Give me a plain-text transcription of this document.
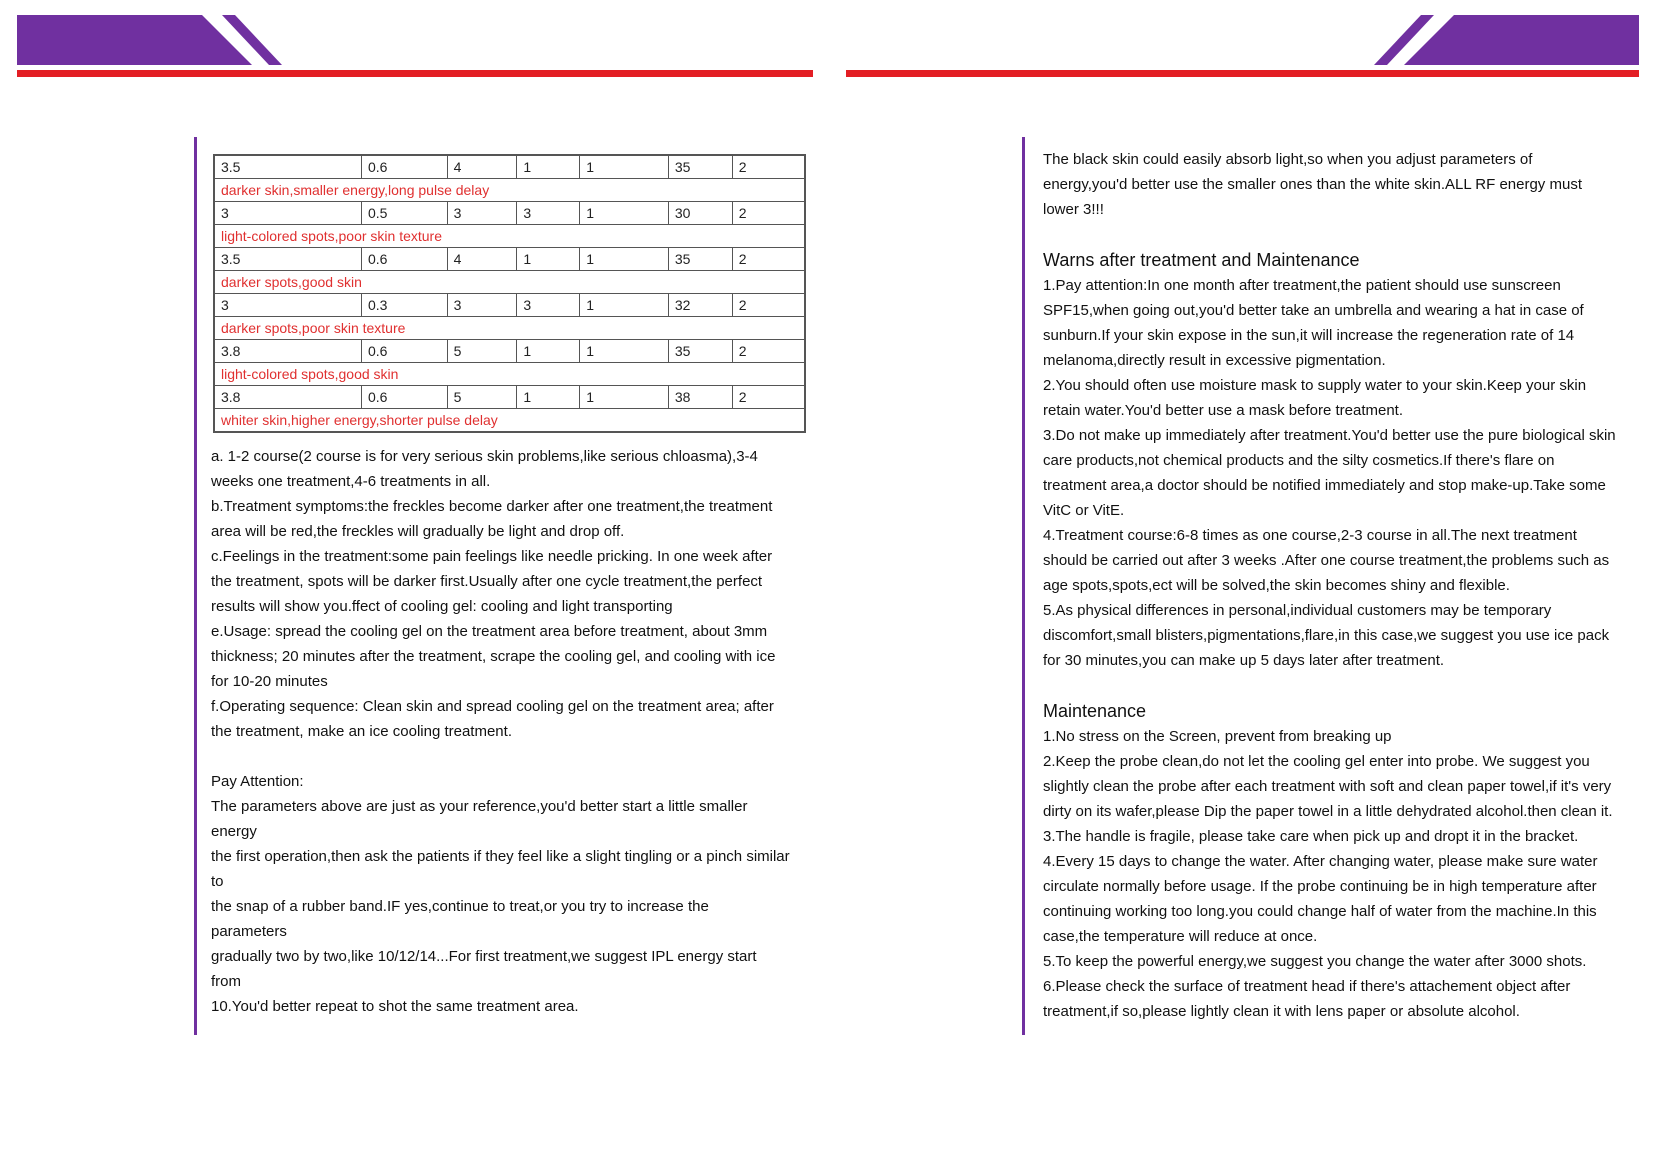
3.5	0.6	4	1	1	35	2
darker skin,smaller energy,long pulse delay						
3	0.5	3	3	1	30	2
light-colored spots,poor skin texture						
3.5	0.6	4	1	1	35	2
darker spots,good skin						
3	0.3	3	3	1	32	2
darker spots,poor skin texture						
3.8	0.6	5	1	1	35	2
light-colored spots,good skin						
3.8	0.6	5	1	1	38	2
whiter skin,higher energy,shorter pulse delay						

a. 1-2 course(2 course is for very serious skin problems,like serious chloasma),3-4

weeks one treatment,4-6 treatments in all.

b.Treatment symptoms:the freckles become darker after one treatment,the treatment

area will be red,the freckles will gradually be light and drop off.

c.Feelings in the treatment:some pain feelings like needle pricking. In one week after

the treatment, spots will be darker first.Usually after one cycle treatment,the perfect

results will show you.ffect of cooling gel: cooling and light transporting

e.Usage: spread the cooling gel on the treatment area before treatment, about 3mm

thickness; 20 minutes after the treatment, scrape the cooling gel, and cooling with ice

for 10-20 minutes

f.Operating sequence: Clean skin and spread cooling gel on the treatment area; after

the treatment, make an ice cooling treatment.

Pay Attention:

The parameters above are just as your reference,you'd better start a little smaller

energy

the first operation,then ask the patients if they feel like a slight tingling or a pinch similar

to

the snap of a rubber band.IF yes,continue to treat,or you try to increase the

parameters

gradually two by two,like 10/12/14...For first treatment,we suggest IPL energy start

from

10.You'd better repeat to shot the same treatment area.

The black skin could easily absorb light,so when you adjust parameters of

energy,you'd better use the smaller ones than the white skin.ALL RF energy must

lower 3!!!

Warns after treatment and Maintenance

1.Pay attention:In one month after treatment,the patient should use sunscreen

SPF15,when going out,you'd better take an umbrella and wearing a hat in case of

sunburn.If your skin expose in the sun,it will increase the regeneration rate of 14

melanoma,directly result in excessive pigmentation.

2.You should often use moisture mask to supply water to your skin.Keep your skin

retain water.You'd better use a mask before treatment.

3.Do not make up immediately after treatment.You'd better use the pure biological skin

care products,not chemical products and the silty cosmetics.If there's flare on

treatment area,a doctor should be notified immediately and stop make-up.Take some

VitC or VitE.

4.Treatment course:6-8 times as one course,2-3 course in all.The next treatment

should be carried out after 3 weeks .After one course treatment,the problems such as

age spots,spots,ect will be solved,the skin becomes shiny and flexible.

5.As physical differences in personal,individual customers may be temporary

discomfort,small blisters,pigmentations,flare,in this case,we suggest you use ice pack

for 30 minutes,you can make up 5 days later after treatment.

Maintenance

1.No stress on the Screen, prevent from breaking up

2.Keep the probe clean,do not let the cooling gel enter into probe. We suggest you

slightly clean the probe after each treatment with soft and clean paper towel,if it's very

dirty on its wafer,please Dip the paper towel in a little dehydrated alcohol.then clean it.

3.The handle is fragile, please take care when pick up and dropt it in the bracket.

4.Every 15 days to change the water. After changing water, please make sure water

circulate normally before usage. If the probe continuing be in high temperature after

continuing working too long.you could change half of water from the machine.In this

case,the temperature will reduce at once.

5.To keep the powerful energy,we suggest you change the water after 3000 shots.

6.Please check the surface of treatment head if there's attachement object after

treatment,if so,please lightly clean it with lens paper or absolute alcohol.
